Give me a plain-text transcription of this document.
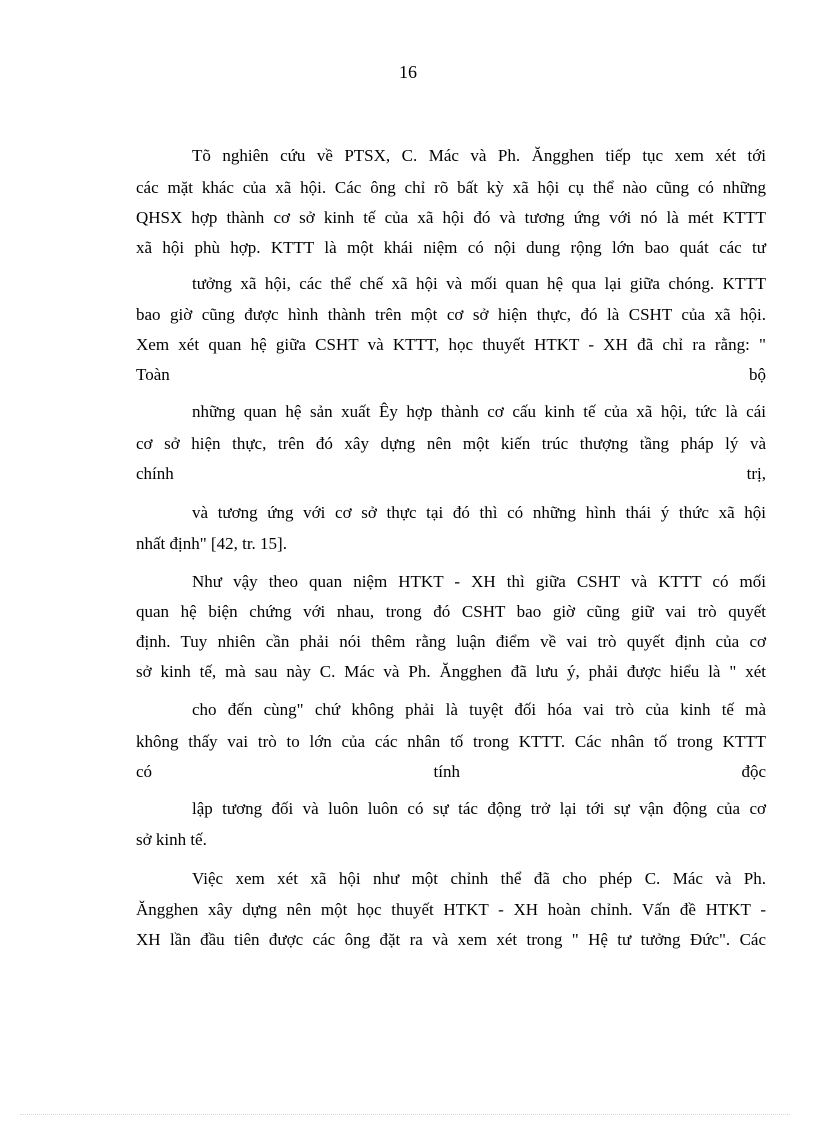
16
Tõ nghiên cứu về PTSX, C. Mác và Ph. Ăngghen tiếp tục xem xét tới
các mặt khác của xã hội. Các ông chỉ rõ bất kỳ xã hội cụ thể nào cũng có những
QHSX hợp thành cơ sở kinh tế của xã hội đó và tương ứng với nó là mét KTTT
xã hội phù hợp. KTTT là một khái niệm có nội dung rộng lớn bao quát các tư
tưởng xã hội, các thể chế xã hội và mối quan hệ qua lại giữa chóng. KTTT
bao giờ cũng được hình thành trên một cơ sở hiện thực, đó là CSHT của xã hội.
Xem xét quan hệ giữa CSHT và KTTT, học thuyết HTKT - XH đã chỉ ra rằng: "
Toàn bộ
những quan hệ sản xuất Êy hợp thành cơ cấu kinh tế của xã hội, tức là cái
cơ sở hiện thực, trên đó xây dựng nên một kiến trúc thượng tầng pháp lý và
chính trị,
và tương ứng với cơ sở thực tại đó thì có những hình thái ý thức xã hội
nhất định" [42, tr. 15].
Như vậy theo quan niệm HTKT - XH thì giữa CSHT và KTTT có mối
quan hệ biện chứng với nhau, trong đó CSHT bao giờ cũng giữ vai trò quyết
định. Tuy nhiên cần phải nói thêm rằng luận điểm về vai trò quyết định của cơ
sở kinh tế, mà sau này C. Mác và Ph. Ăngghen đã lưu ý, phải được hiểu là " xét
cho đến cùng" chứ không phải là tuyệt đối hóa vai trò của kinh tế mà
không thấy vai trò to lớn của các nhân tố trong KTTT. Các nhân tố trong KTTT
có tính độc
lập tương đối và luôn luôn có sự tác động trở lại tới sự vận động của cơ
sở kinh tế.
Việc xem xét xã hội như một chỉnh thể đã cho phép C. Mác và Ph.
Ăngghen xây dựng nên một học thuyết HTKT - XH hoàn chỉnh. Vấn đề HTKT -
XH lần đầu tiên được các ông đặt ra và xem xét trong " Hệ tư tưởng Đức". Các
